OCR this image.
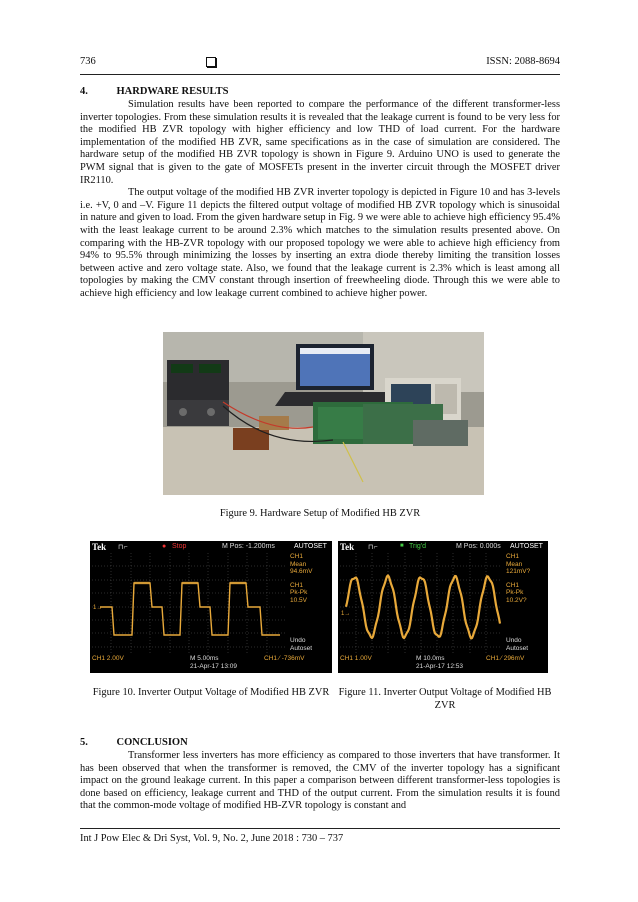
736	ISSN: 2088-8694
4.	HARDWARE RESULTS

Simulation results have been reported to compare the performance of the different transformer-less inverter topologies. From these simulation results it is revealed that the leakage current is found to be very less for the modified HB ZVR topology with higher efficiency and low THD of load current. For the hardware implementation of the modified HB ZVR, same specifications as in the case of simulation are considered. The hardware setup of the modified HB ZVR topology is shown in Figure 9. Arduino UNO is used to generate the PWM signal that is given to the gate of MOSFETs present in the inverter circuit through the MOSFET driver IR2110.

The output voltage of the modified HB ZVR inverter topology is depicted in Figure 10 and has 3-levels i.e. +V, 0 and –V. Figure 11 depicts the filtered output voltage of modified HB ZVR topology which is sinusoidal in nature and given to load. From the given hardware setup in Fig. 9 we were able to achieve high efficiency 95.4% with the least leakage current to be around 2.3% which matches to the simulation results presented above. On comparing with the HB-ZVR topology with our proposed topology we were able to achieve high efficiency from 94% to 95.5% through minimizing the losses by inserting an extra diode thereby limiting the transition losses between active and zero voltage state. Also, we found that the leakage current is 2.3% which is least among all topologies by making the CMV constant through insertion of freewheeling diode. Through this we were able to achieve high efficiency and low leakage current combined to achieve higher power.

Figure 9. Hardware Setup of Modified HB ZVR
Tek ⊓⌐	● Stop	M Pos: -1.200ms	AUTOSET
1→
CH1
Mean
94.6mV
CH1
Pk-Pk
10.5V
Undo
Autoset
CH1 2.00V	M 5.00ms
21-Apr-17 13:09
CH1 ∕ -736mV
Tek ⊓⌐	■ Trig'd	M Pos: 0.000s AUTOSET
1→
CH1
Mean
121mV?
CH1
Pk-Pk
10.2V?
Undo
Autoset
CH1 1.00V	M 10.0ms
21-Apr-17 12:53
CH1 ∕ 296mV
Figure 10. Inverter Output Voltage of Modified HB ZVR Figure 11. Inverter Output Voltage of Modified HB ZVR
5.	CONCLUSION

Transformer less inverters has more efficiency as compared to those inverters that have transformer. It has been observed that when the transformer is removed, the CMV of the inverter topology has a significant impact on the ground leakage current. In this paper a comparison between different transformer-less topologies is done based on efficiency, leakage current and THD of the output current. From the simulation results it is found that the common-mode voltage of modified HB-ZVR topology is constant and

Int J Pow Elec & Dri Syst, Vol. 9, No. 2, June 2018 : 730 – 737
